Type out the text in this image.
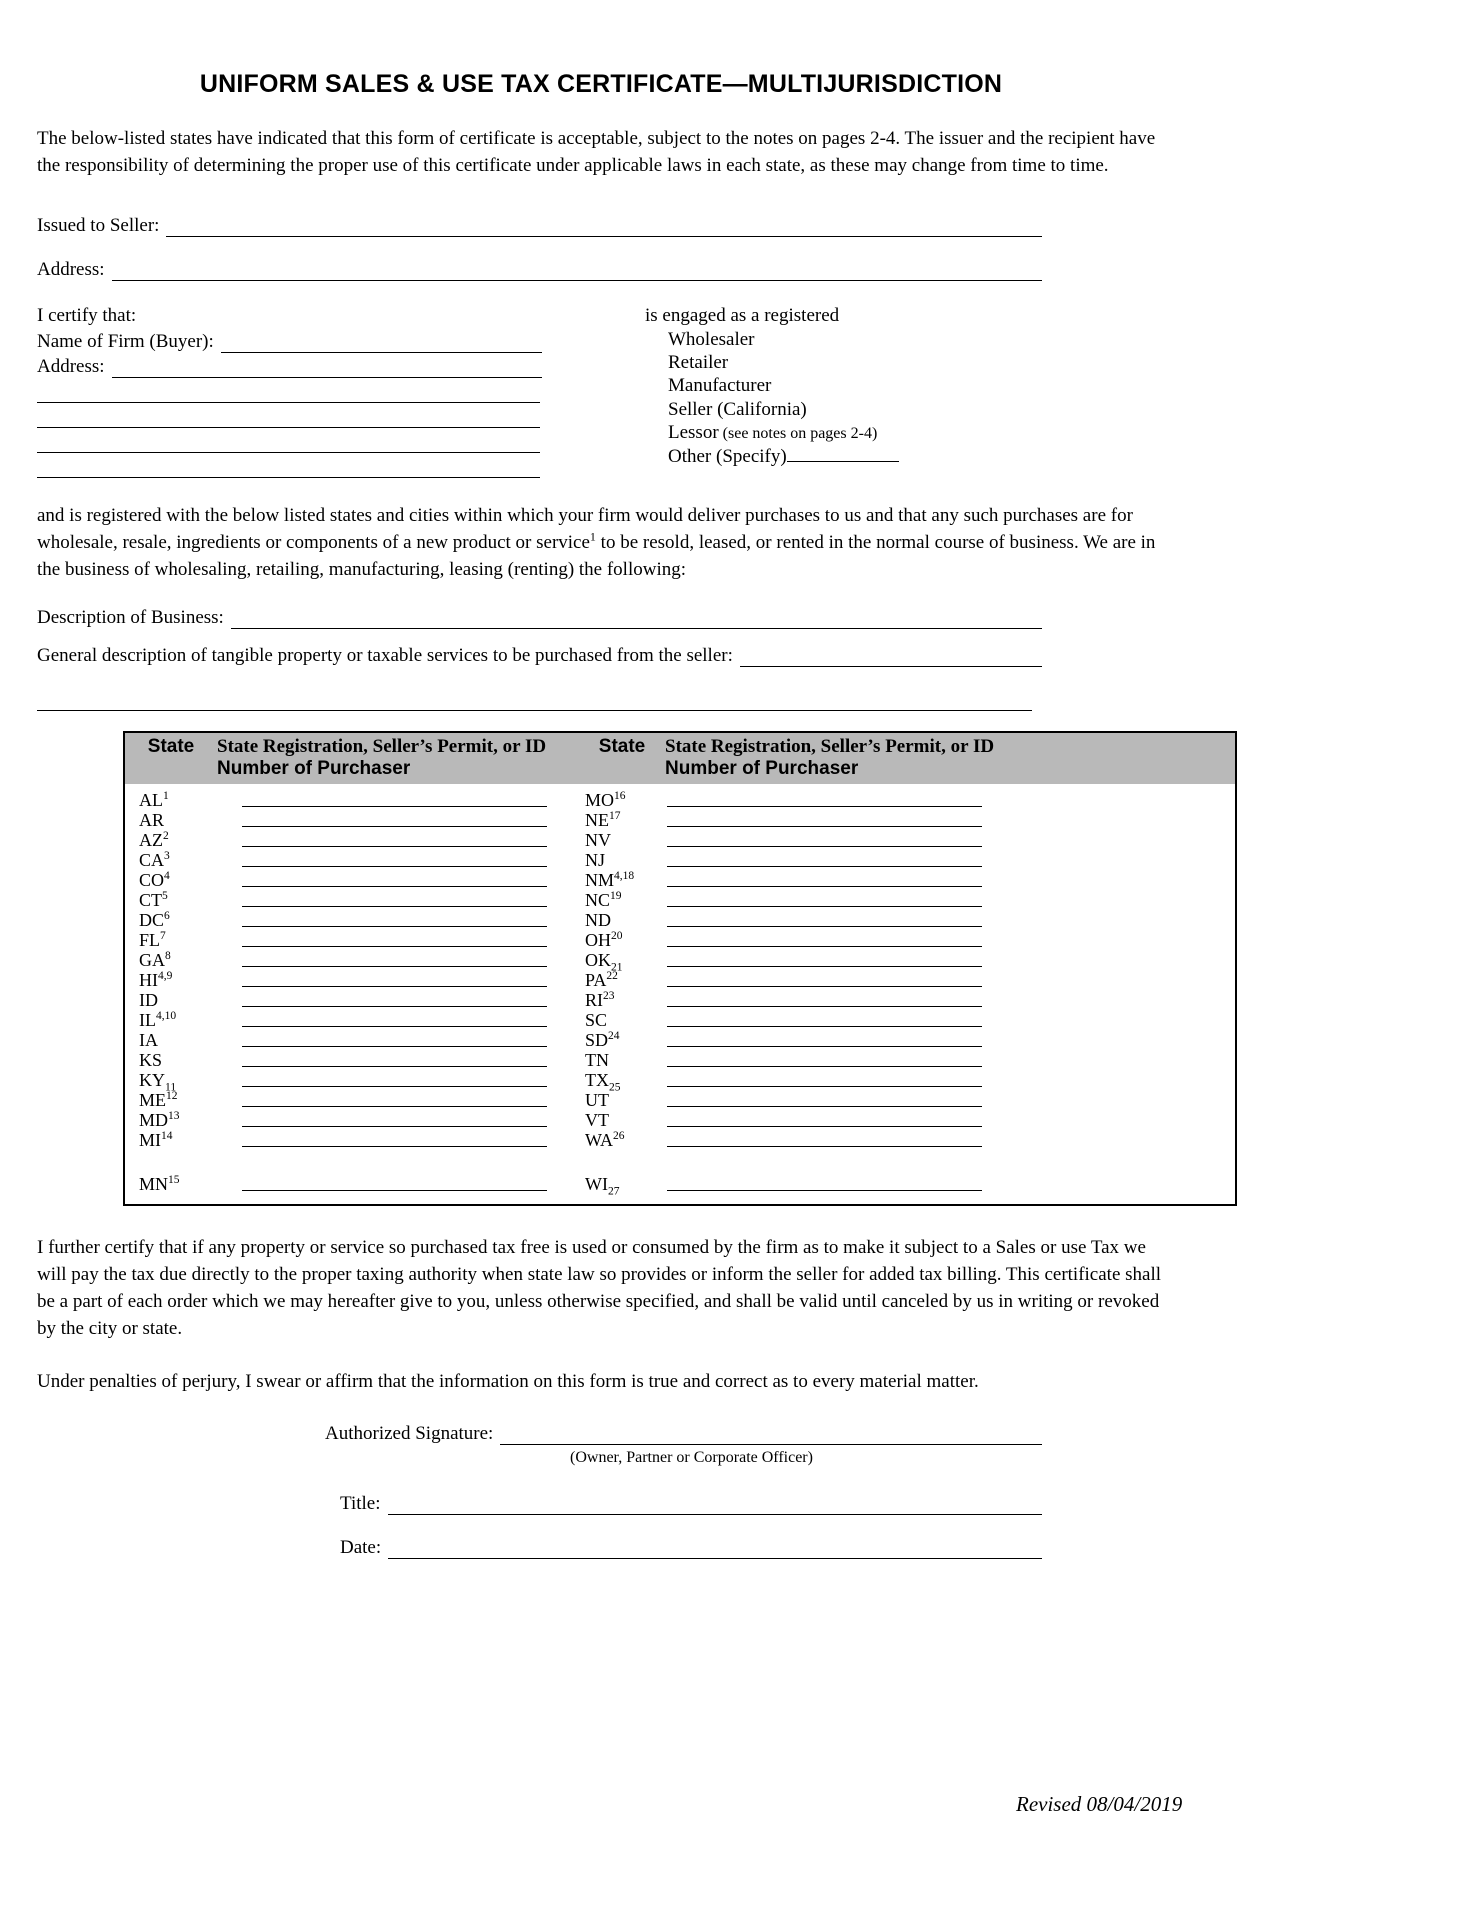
UNIFORM SALES & USE TAX CERTIFICATE—MULTIJURISDICTION

The below-listed states have indicated that this form of certificate is acceptable, subject to the notes on pages 2-4. The issuer and the recipient have the responsibility of determining the proper use of this certificate under applicable laws in each state, as these may change from time to time.

Issued to Seller:
Address:
I certify that:
Name of Firm (Buyer):
Address:
is engaged as a registered
Wholesaler
Retailer
Manufacturer
Seller (California)
Lessor (see notes on pages 2-4)
Other (Specify)

and is registered with the below listed states and cities within which your firm would deliver purchases to us and that any such purchases are for wholesale, resale, ingredients or components of a new product or service$^1$ to be resold, leased, or rented in the normal course of business. We are in the business of wholesaling, retailing, manufacturing, leasing (renting) the following:

Description of Business:
General description of tangible property or taxable services to be purchased from the seller:
State	State Registration, Seller’s Permit, or ID
Number of Purchaser
State	State Registration, Seller’s Permit, or ID
Number of Purchaser
$AL^1$
AR
$AZ^2$
$CA^3$
$CO^4$
$CT^5$
$DC^6$
$FL^7$
$GA^8$
HI$^{4,9}$
ID
IL$^{4,10}$
IA
KS
$KY_{11}$
ME$^{12}$
MD$^{13}$
MI$^{14}$
MN$^{15}$
MO$^{16}$
NE$^{17}$
NV
NJ
NM$^{4,18}$
NC$^{19}$
ND
OH$^{20}$
$OK_{21}$
PA$^{22}$
RI$^{23}$
SC
SD$^{24}$
TN
$TX_{25}$
UT
VT
WA$^{26}$
$WI_{27}$

I further certify that if any property or service so purchased tax free is used or consumed by the firm as to make it subject to a Sales or use Tax we will pay the tax due directly to the proper taxing authority when state law so provides or inform the seller for added tax billing. This certificate shall be a part of each order which we may hereafter give to you, unless otherwise specified, and shall be valid until canceled by us in writing or revoked by the city or state.

Under penalties of perjury, I swear or affirm that the information on this form is true and correct as to every material matter.

Authorized Signature:
(Owner, Partner or Corporate Officer)
Title:
Date:
Revised 08/04/2019
